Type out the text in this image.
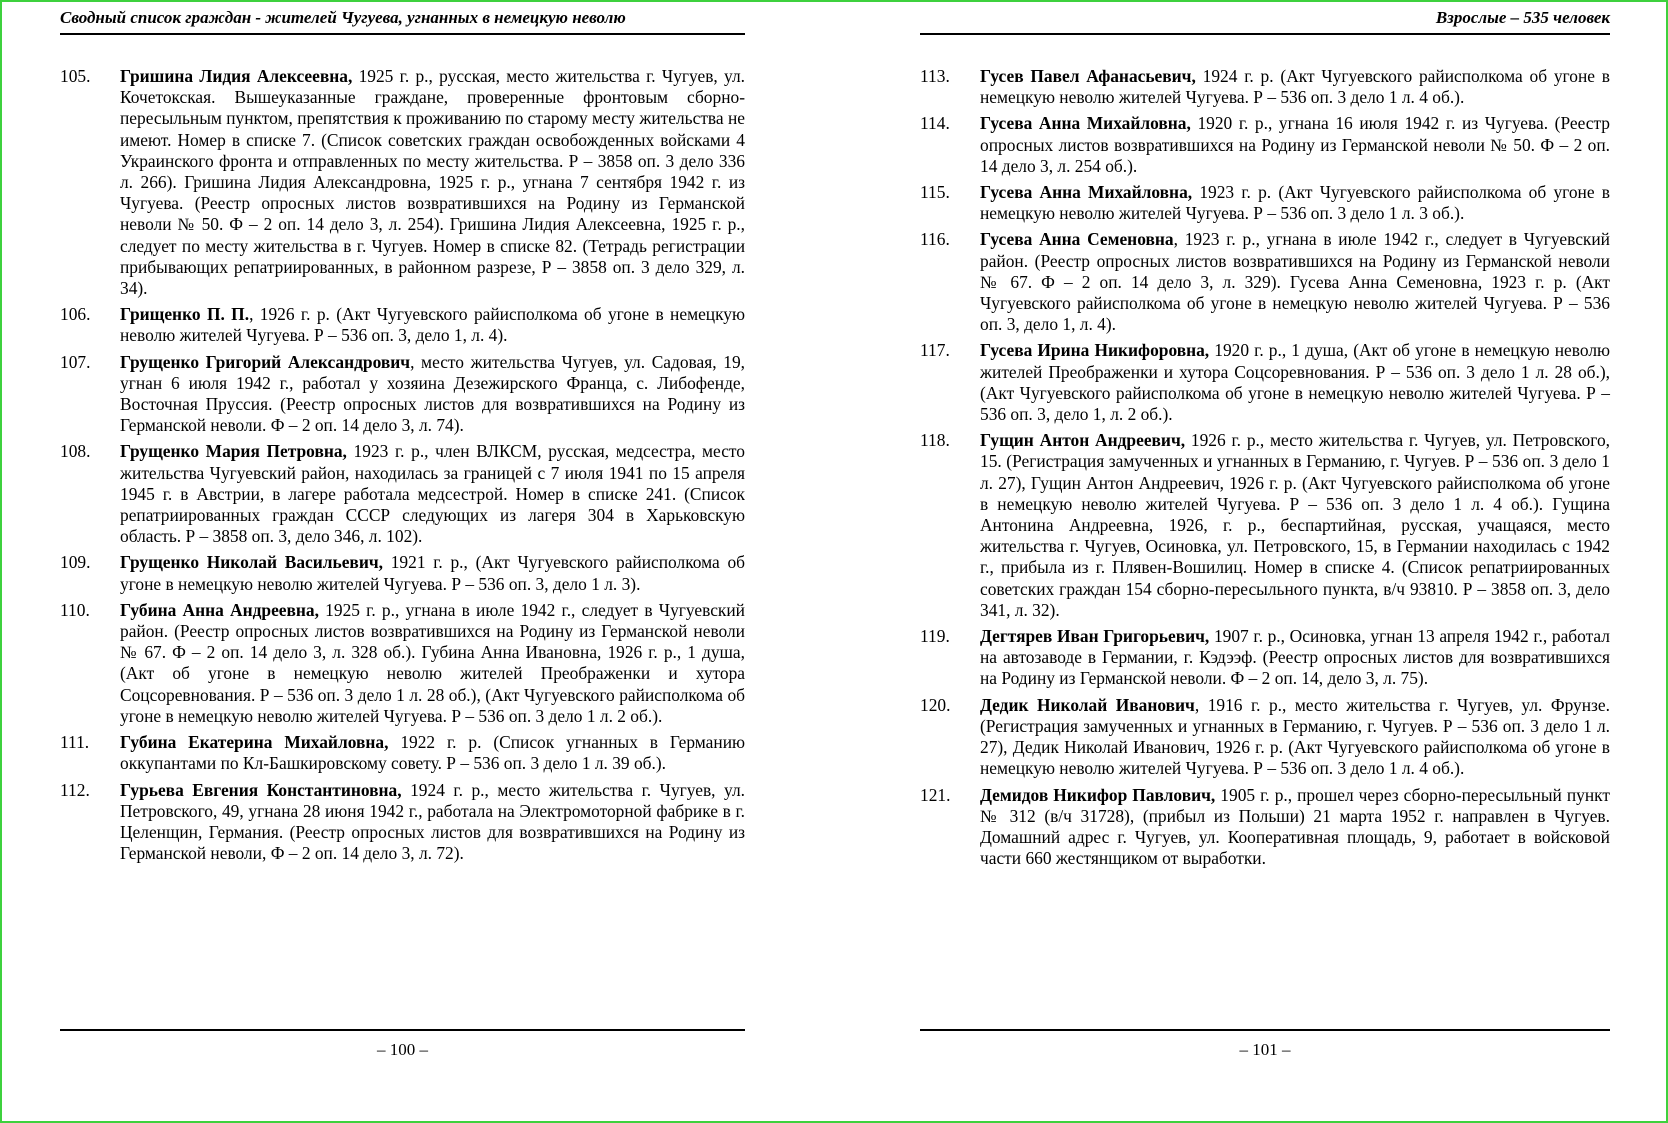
Сводный список граждан - жителей Чугуева, угнанных в немецкую неволю
105.	Гришина Лидия Алексеевна, 1925 г. р., русская, место жительства г. Чугуев, ул. Кочетокская. Вышеуказанные граждане, проверенные фронтовым сборно-пересыльным пунктом, препятствия к проживанию по старому месту жительства не имеют. Номер в списке 7. (Список советских граждан освобожденных войсками 4 Украинского фронта и отправленных по месту жительства. Р – 3858 оп. 3 дело 336 л. 266). Гришина Лидия Александровна, 1925 г. р., угнана 7 сентября 1942 г. из Чугуева. (Реестр опросных листов возвратившихся на Родину из Германской неволи № 50. Ф – 2 оп. 14 дело 3, л. 254). Гришина Лидия Алексеевна, 1925 г. р., следует по месту жительства в г. Чугуев. Номер в списке 82. (Тетрадь регистрации прибывающих репатриированных, в районном разрезе, Р – 3858 оп. 3 дело 329, л. 34).
106.	Грищенко П. П., 1926 г. р. (Акт Чугуевского райисполкома об угоне в немецкую неволю жителей Чугуева. Р – 536 оп. 3, дело 1, л. 4).
107.	Грущенко Григорий Александрович, место жительства Чугуев, ул. Садовая, 19, угнан 6 июля 1942 г., работал у хозяина Дезежирского Франца, с. Либофенде, Восточная Пруссия. (Реестр опросных листов для возвратившихся на Родину из Германской неволи. Ф – 2 оп. 14 дело 3, л. 74).
108.	Грущенко Мария Петровна, 1923 г. р., член ВЛКСМ, русская, медсестра, место жительства Чугуевский район, находилась за границей с 7 июля 1941 по 15 апреля 1945 г. в Австрии, в лагере работала медсестрой. Номер в списке 241. (Список репатриированных граждан СССР следующих из лагеря 304 в Харьковскую область. Р – 3858 оп. 3, дело 346, л. 102).
109.	Грущенко Николай Васильевич, 1921 г. р., (Акт Чугуевского райисполкома об угоне в немецкую неволю жителей Чугуева. Р – 536 оп. 3, дело 1 л. 3).
110.	Губина Анна Андреевна, 1925 г. р., угнана в июле 1942 г., следует в Чугуевский район. (Реестр опросных листов возвратившихся на Родину из Германской неволи № 67. Ф – 2 оп. 14 дело 3, л. 328 об.). Губина Анна Ивановна, 1926 г. р., 1 душа, (Акт об угоне в немецкую неволю жителей Преображенки и хутора Соцсоревнования. Р – 536 оп. 3 дело 1 л. 28 об.), (Акт Чугуевского райисполкома об угоне в немецкую неволю жителей Чугуева. Р – 536 оп. 3 дело 1 л. 2 об.).
111.	Губина Екатерина Михайловна, 1922 г. р. (Список угнанных в Германию оккупантами по Кл-Башкировскому совету. Р – 536 оп. 3 дело 1 л. 39 об.).
112.	Гурьева Евгения Константиновна, 1924 г. р., место жительства г. Чугуев, ул. Петровского, 49, угнана 28 июня 1942 г., работала на Электромоторной фабрике в г. Целенщин, Германия. (Реестр опросных листов для возвратившихся на Родину из Германской неволи, Ф – 2 оп. 14 дело 3, л. 72).
– 100 –
Взрослые – 535 человек
113.	Гусев Павел Афанасьевич, 1924 г. р. (Акт Чугуевского райисполкома об угоне в немецкую неволю жителей Чугуева. Р – 536 оп. 3 дело 1 л. 4 об.).
114.	Гусева Анна Михайловна, 1920 г. р., угнана 16 июля 1942 г. из Чугуева. (Реестр опросных листов возвратившихся на Родину из Германской неволи № 50. Ф – 2 оп. 14 дело 3, л. 254 об.).
115.	Гусева Анна Михайловна, 1923 г. р. (Акт Чугуевского райисполкома об угоне в немецкую неволю жителей Чугуева. Р – 536 оп. 3 дело 1 л. 3 об.).
116.	Гусева Анна Семеновна, 1923 г. р., угнана в июле 1942 г., следует в Чугуевский район. (Реестр опросных листов возвратившихся на Родину из Германской неволи № 67. Ф – 2 оп. 14 дело 3, л. 329). Гусева Анна Семеновна, 1923 г. р. (Акт Чугуевского райисполкома об угоне в немецкую неволю жителей Чугуева. Р – 536 оп. 3, дело 1, л. 4).
117.	Гусева Ирина Никифоровна, 1920 г. р., 1 душа, (Акт об угоне в немецкую неволю жителей Преображенки и хутора Соцсоревнования. Р – 536 оп. 3 дело 1 л. 28 об.), (Акт Чугуевского райисполкома об угоне в немецкую неволю жителей Чугуева. Р – 536 оп. 3, дело 1, л. 2 об.).
118.	Гущин Антон Андреевич, 1926 г. р., место жительства г. Чугуев, ул. Петровского, 15. (Регистрация замученных и угнанных в Германию, г. Чугуев. Р – 536 оп. 3 дело 1 л. 27), Гущин Антон Андреевич, 1926 г. р. (Акт Чугуевского райисполкома об угоне в немецкую неволю жителей Чугуева. Р – 536 оп. 3 дело 1 л. 4 об.). Гущина Антонина Андреевна, 1926, г. р., беспартийная, русская, учащаяся, место жительства г. Чугуев, Осиновка, ул. Петровского, 15, в Германии находилась с 1942 г., прибыла из г. Плявен-Вошилиц. Номер в списке 4. (Список репатриированных советских граждан 154 сборно-пересыльного пункта, в/ч 93810. Р – 3858 оп. 3, дело 341, л. 32).
119.	Дегтярев Иван Григорьевич, 1907 г. р., Осиновка, угнан 13 апреля 1942 г., работал на автозаводе в Германии, г. Кэдээф. (Реестр опросных листов для возвратившихся на Родину из Германской неволи. Ф – 2 оп. 14, дело 3, л. 75).
120.	Дедик Николай Иванович, 1916 г. р., место жительства г. Чугуев, ул. Фрунзе. (Регистрация замученных и угнанных в Германию, г. Чугуев. Р – 536 оп. 3 дело 1 л. 27), Дедик Николай Иванович, 1926 г. р. (Акт Чугуевского райисполкома об угоне в немецкую неволю жителей Чугуева. Р – 536 оп. 3 дело 1 л. 4 об.).
121.	Демидов Никифор Павлович, 1905 г. р., прошел через сборно-пересыльный пункт № 312 (в/ч 31728), (прибыл из Польши) 21 марта 1952 г. направлен в Чугуев. Домашний адрес г. Чугуев, ул. Кооперативная площадь, 9, работает в войсковой части 660 жестянщиком от выработки.
– 101 –
